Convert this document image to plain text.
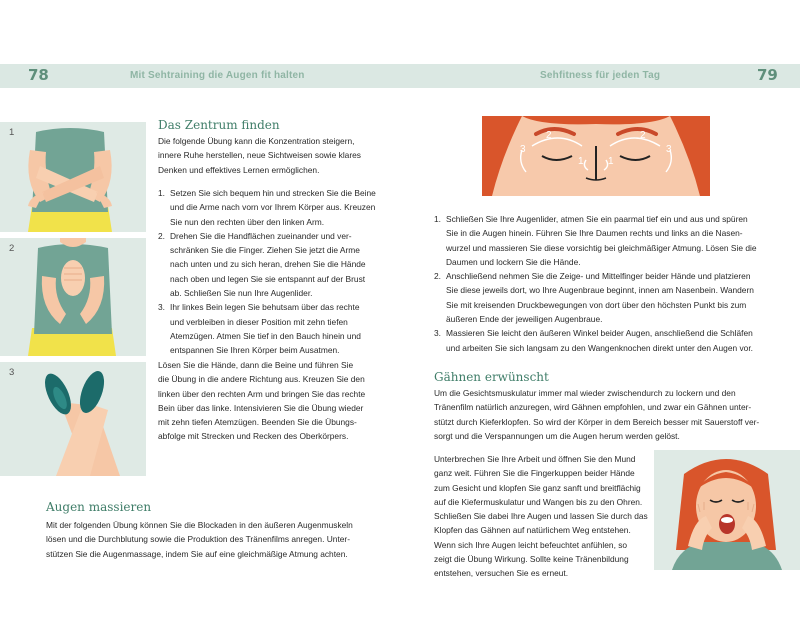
78	Mit Sehtraining die Augen fit halten	Sehfitness für jeden Tag	79
1
2
3
Das Zentrum finden
Die folgende Übung kann die Konzentration steigern,
innere Ruhe herstellen, neue Sichtweisen sowie klares
Denken und effektives Lernen ermöglichen.
1. Setzen Sie sich bequem hin und strecken Sie die Beine
und die Arme nach vorn vor Ihrem Körper aus. Kreuzen
Sie nun den rechten über den linken Arm.
2. Drehen Sie die Handflächen zueinander und ver-
schränken Sie die Finger. Ziehen Sie jetzt die Arme
nach unten und zu sich heran, drehen Sie die Hände
nach oben und legen Sie sie entspannt auf der Brust
ab. Schließen Sie nun Ihre Augenlider.
3. Ihr linkes Bein legen Sie behutsam über das rechte
und verbleiben in dieser Position mit zehn tiefen
Atemzügen. Atmen Sie tief in den Bauch hinein und
entspannen Sie Ihren Körper beim Ausatmen.
Lösen Sie die Hände, dann die Beine und führen Sie
die Übung in die andere Richtung aus. Kreuzen Sie den
linken über den rechten Arm und bringen Sie das rechte
Bein über das linke. Intensivieren Sie die Übung wieder
mit zehn tiefen Atemzügen. Beenden Sie die Übungs-
abfolge mit Strecken und Recken des Oberkörpers.
Augen massieren
Mit der folgenden Übung können Sie die Blockaden in den äußeren Augenmuskeln
lösen und die Durchblutung sowie die Produktion des Tränenfilms anregen. Unter-
stützen Sie die Augenmassage, indem Sie auf eine gleichmäßige Atmung achten.
3
2
1 1
2
3
1. Schließen Sie Ihre Augenlider, atmen Sie ein paarmal tief ein und aus und spüren
Sie in die Augen hinein. Führen Sie Ihre Daumen rechts und links an die Nasen-
wurzel und massieren Sie diese vorsichtig bei gleichmäßiger Atmung. Lösen Sie die
Daumen und lockern Sie die Hände.
2. Anschließend nehmen Sie die Zeige- und Mittelfinger beider Hände und platzieren
Sie diese jeweils dort, wo Ihre Augenbraue beginnt, innen am Nasenbein. Wandern
Sie mit kreisenden Druckbewegungen von dort über den höchsten Punkt bis zum
äußeren Ende der jeweiligen Augenbraue.
3. Massieren Sie leicht den äußeren Winkel beider Augen, anschließend die Schläfen
und arbeiten Sie sich langsam zu den Wangenknochen direkt unter den Augen vor.
Gähnen erwünscht
Um die Gesichtsmuskulatur immer mal wieder zwischendurch zu lockern und den
Tränenfilm natürlich anzuregen, wird Gähnen empfohlen, und zwar ein Gähnen unter-
stützt durch Kieferklopfen. So wird der Körper in dem Bereich besser mit Sauerstoff ver-
sorgt und die Verspannungen um die Augen herum werden gelöst.
Unterbrechen Sie Ihre Arbeit und öffnen Sie den Mund
ganz weit. Führen Sie die Fingerkuppen beider Hände
zum Gesicht und klopfen Sie ganz sanft und breitflächig
auf die Kiefermuskulatur und Wangen bis zu den Ohren.
Schließen Sie dabei Ihre Augen und lassen Sie durch das
Klopfen das Gähnen auf natürlichem Weg entstehen.
Wenn sich Ihre Augen leicht befeuchtet anfühlen, so
zeigt die Übung Wirkung. Sollte keine Tränenbildung
entstehen, versuchen Sie es erneut.
